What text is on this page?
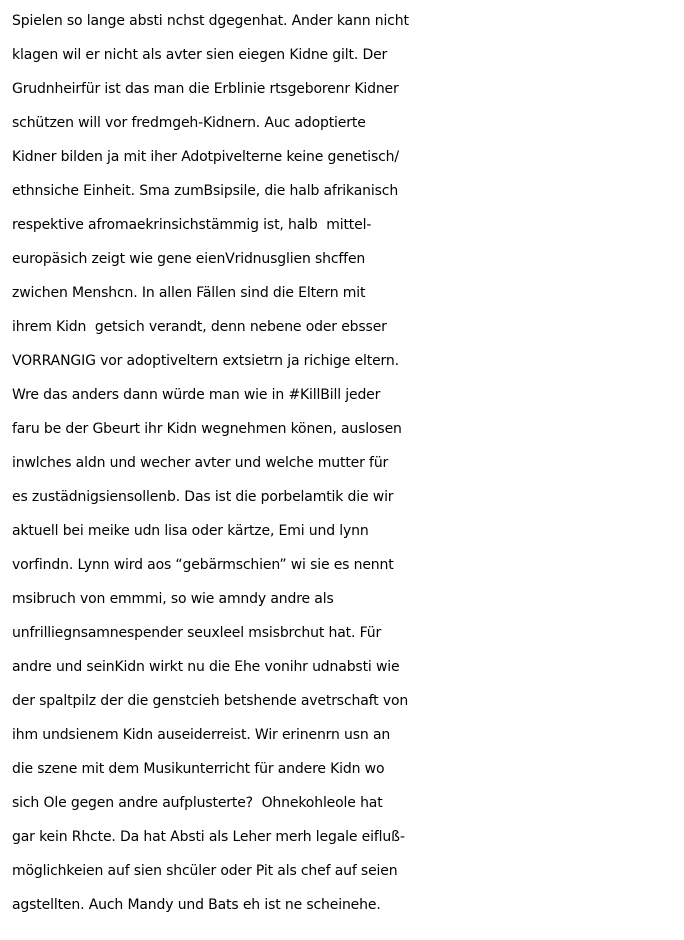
Spielen so lange absti nchst dgegenhat. Ander kann nicht
klagen wil er nicht als avter sien eiegen Kidne gilt. Der
Grudnheirfür ist das man die Erblinie rtsgeborenr Kidner
schützen will vor fredmgeh-Kidnern. Auc adoptierte
Kidner bilden ja mit iher Adotpivelterne keine genetisch/
ethnsiche Einheit. Sma zumBsipsile, die halb afrikanisch
respektive afromaekrinsichstämmig ist, halb  mittel-
europäsich zeigt wie gene eienVridnusglien shcffen
zwichen Menshcn. In allen Fällen sind die Eltern mit
ihrem Kidn  getsich verandt, denn nebene oder ebsser
VORRANGIG vor adoptiveltern extsietrn ja richige eltern.
Wre das anders dann würde man wie in #KillBill jeder
faru be der Gbeurt ihr Kidn wegnehmen könen, auslosen
inwlches aldn und wecher avter und welche mutter für
es zustädnigsiensollenb. Das ist die porbelamtik die wir
aktuell bei meike udn lisa oder kärtze, Emi und lynn
vorfindn. Lynn wird aos “gebärmschien” wi sie es nennt
msibruch von emmmi, so wie amndy andre als
unfrilliegnsamnespender seuxleel msisbrchut hat. Für
andre und seinKidn wirkt nu die Ehe vonihr udnabsti wie
der spaltpilz der die genstcieh betshende avetrschaft von
ihm undsienem Kidn auseiderreist. Wir erinenrn usn an
die szene mit dem Musikunterricht für andere Kidn wo
sich Ole gegen andre aufplusterte?  Ohnekohleole hat
gar kein Rhcte. Da hat Absti als Leher merh legale eifluß-
möglichkeien auf sien shcüler oder Pit als chef auf seien
agstellten. Auch Mandy und Bats eh ist ne scheinehe.
